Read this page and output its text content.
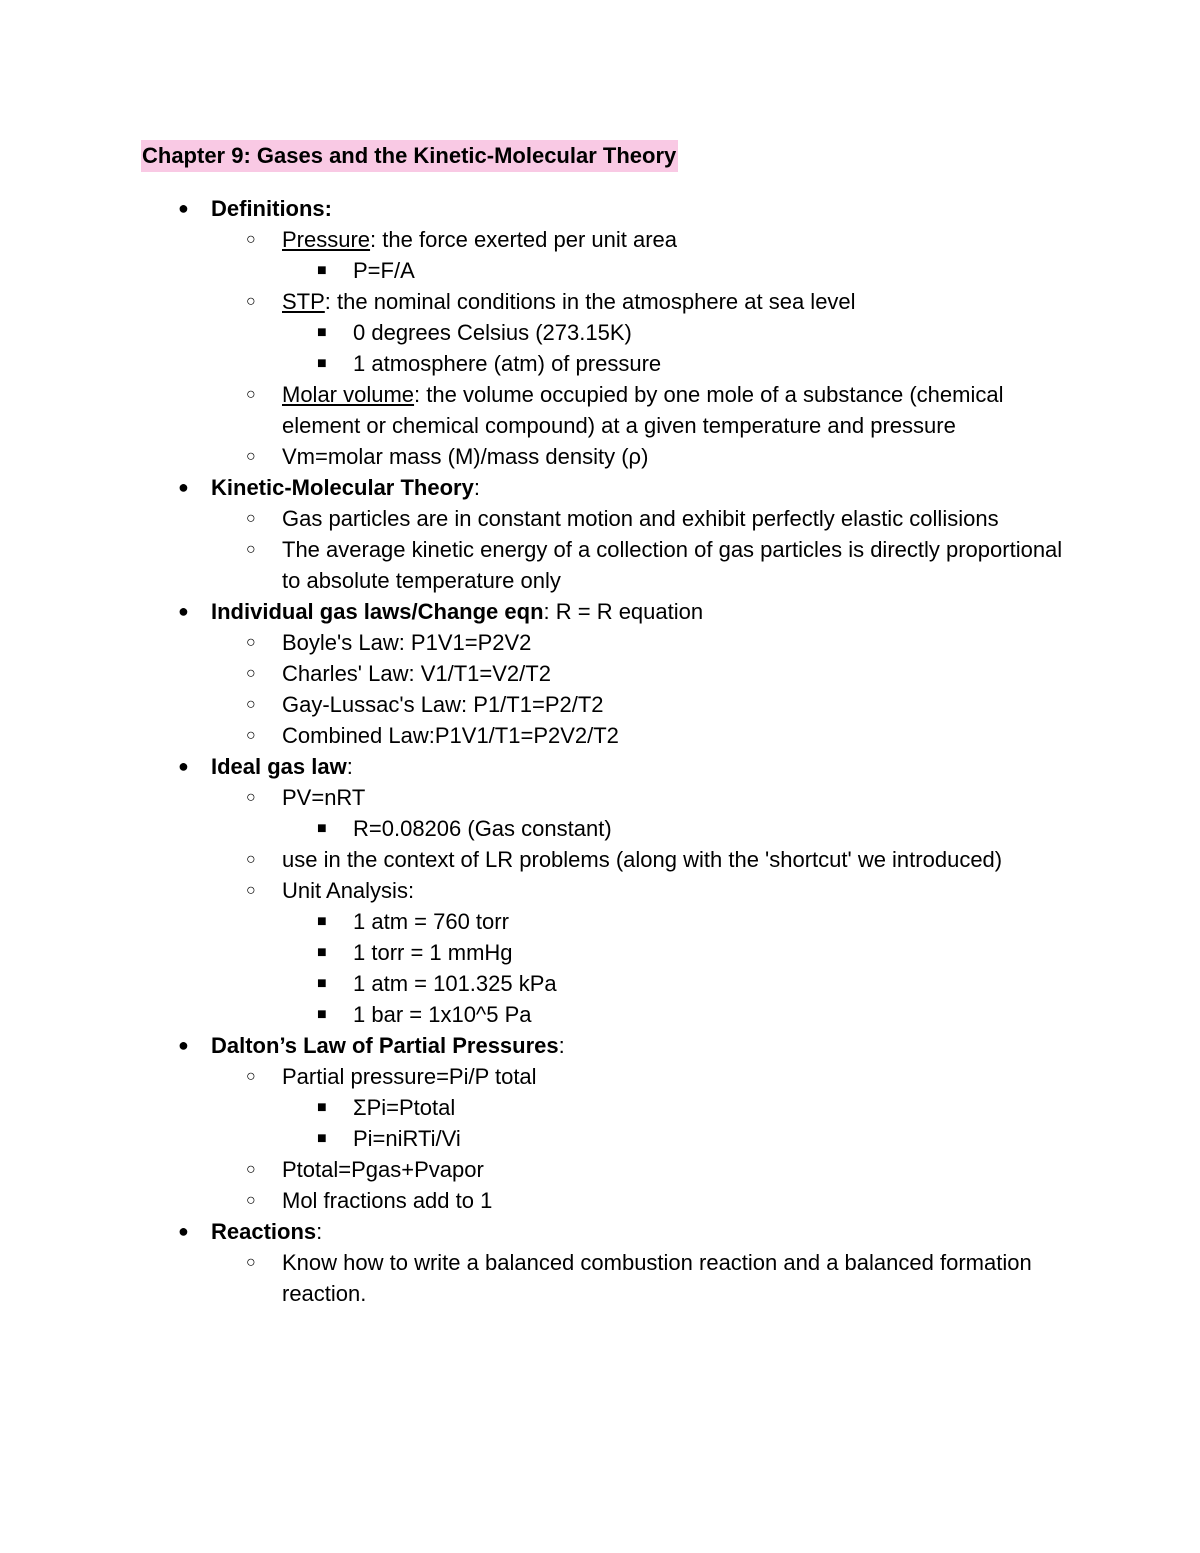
Chapter 9: Gases and the Kinetic-Molecular Theory
● Definitions:
○ Pressure: the force exerted per unit area
■ P=F/A
○ STP: the nominal conditions in the atmosphere at sea level
■ 0 degrees Celsius (273.15K)
■ 1 atmosphere (atm) of pressure
○ Molar volume: the volume occupied by one mole of a substance (chemical element or chemical compound) at a given temperature and pressure
○ Vm=molar mass (M)/mass density (ρ)
● Kinetic-Molecular Theory:
○ Gas particles are in constant motion and exhibit perfectly elastic collisions
○ The average kinetic energy of a collection of gas particles is directly proportional to absolute temperature only
● Individual gas laws/Change eqn: R = R equation
○ Boyle's Law: P1V1=P2V2
○ Charles' Law: V1/T1=V2/T2
○ Gay-Lussac's Law: P1/T1=P2/T2
○ Combined Law:P1V1/T1=P2V2/T2
● Ideal gas law:
○ PV=nRT
■ R=0.08206 (Gas constant)
○ use in the context of LR problems (along with the 'shortcut' we introduced)
○ Unit Analysis:
■ 1 atm = 760 torr
■ 1 torr = 1 mmHg
■ 1 atm = 101.325 kPa
■ 1 bar = 1x10^5 Pa
● Dalton’s Law of Partial Pressures:
○ Partial pressure=Pi/P total
■ ΣPi=Ptotal
■ Pi=niRTi/Vi
○ Ptotal=Pgas+Pvapor
○ Mol fractions add to 1
● Reactions:
○ Know how to write a balanced combustion reaction and a balanced formation reaction.
